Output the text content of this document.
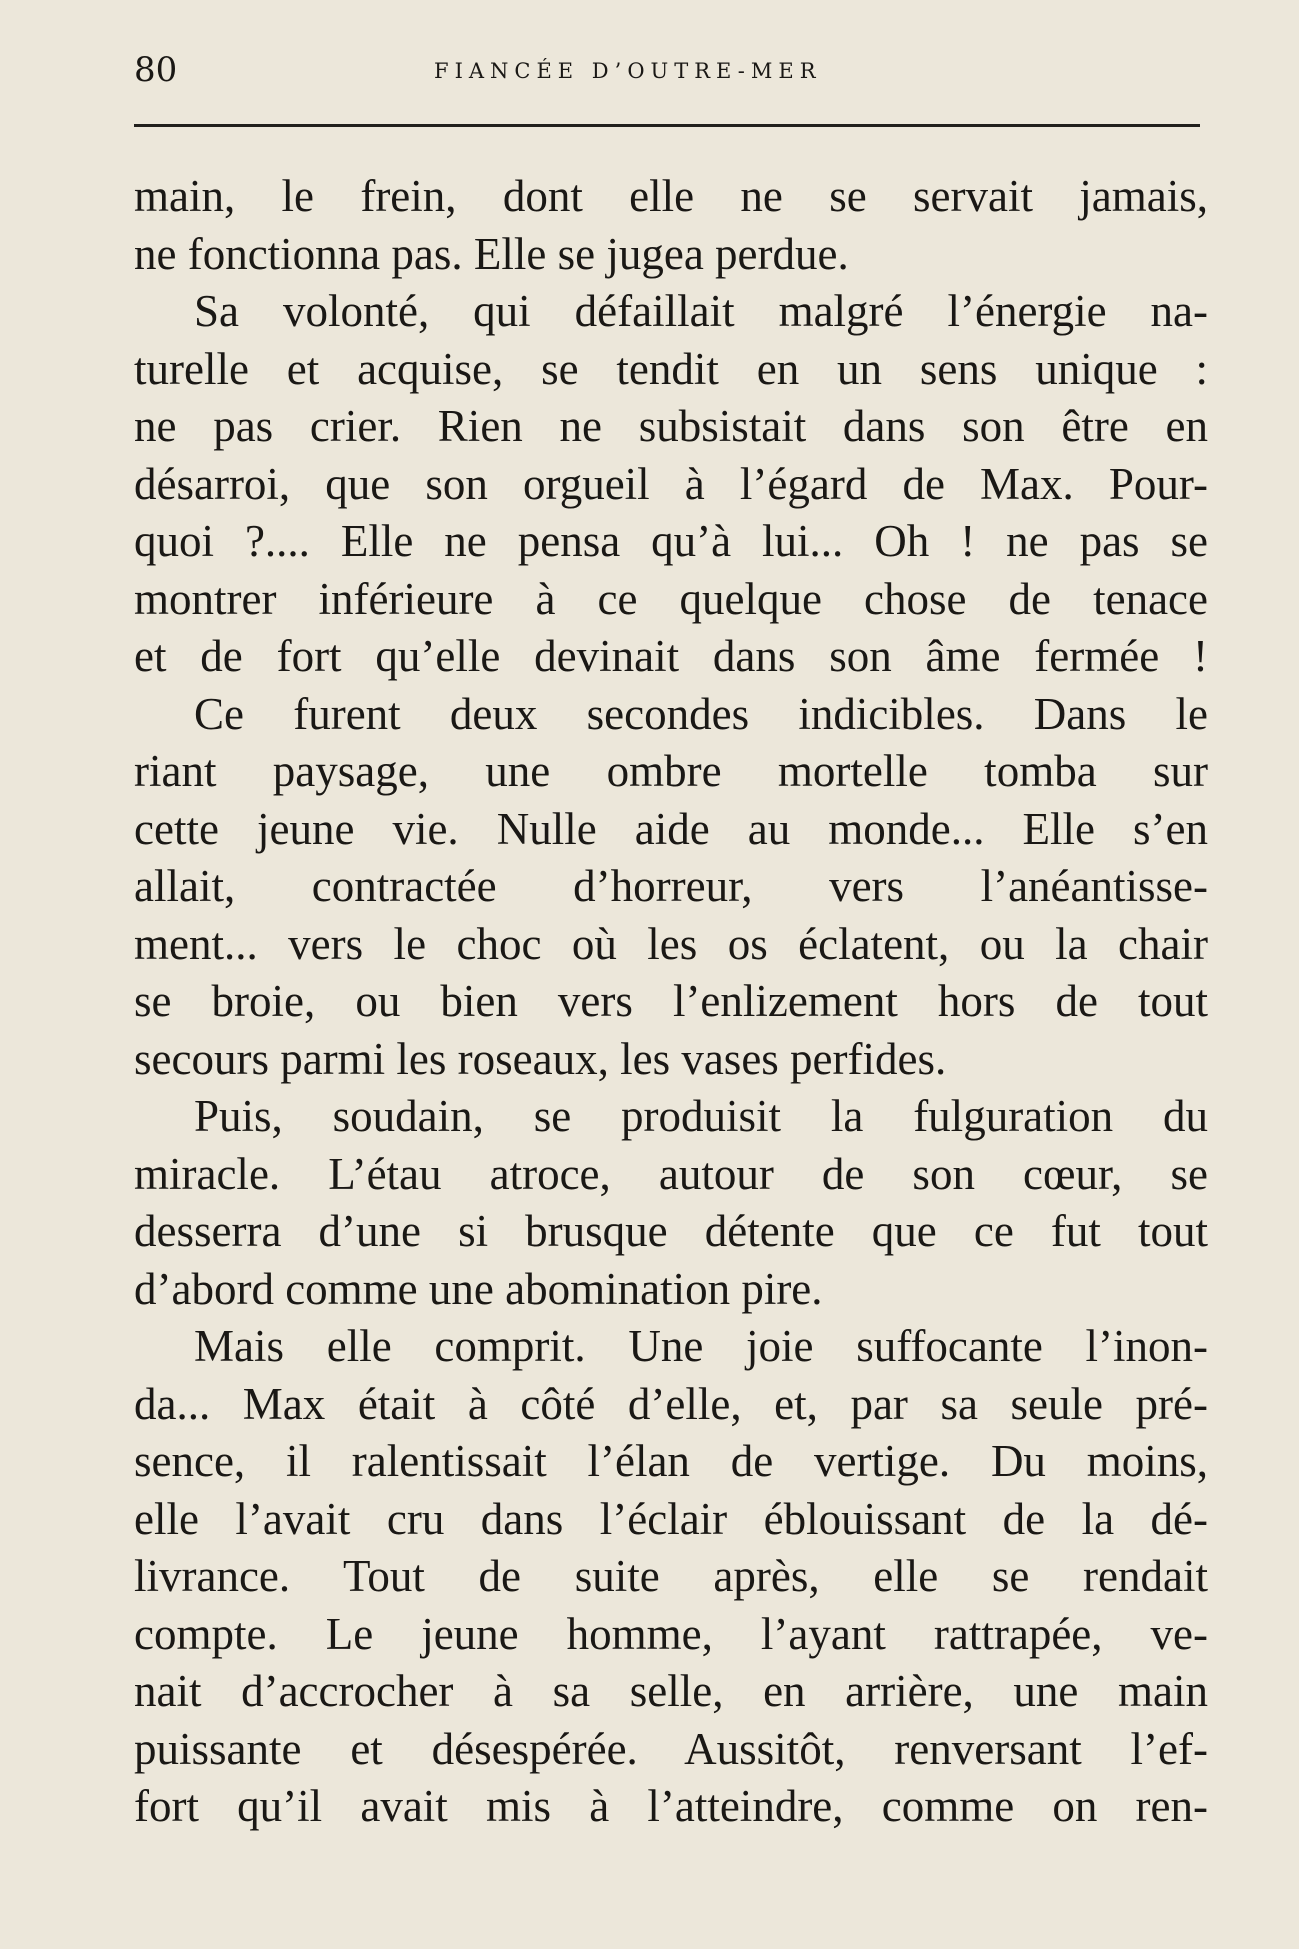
80	FIANCÉE D’OUTRE-MER
main, le frein, dont elle ne se servait jamais,
ne fonctionna pas. Elle se jugea perdue.
Sa volonté, qui défaillait malgré l’énergie na-
turelle et acquise, se tendit en un sens unique :
ne pas crier. Rien ne subsistait dans son être en
désarroi, que son orgueil à l’égard de Max. Pour-
quoi ?.... Elle ne pensa qu’à lui... Oh ! ne pas se
montrer inférieure à ce quelque chose de tenace
et de fort qu’elle devinait dans son âme fermée !
Ce furent deux secondes indicibles. Dans le
riant paysage, une ombre mortelle tomba sur
cette jeune vie. Nulle aide au monde... Elle s’en
allait, contractée d’horreur, vers l’anéantisse-
ment... vers le choc où les os éclatent, ou la chair
se broie, ou bien vers l’enlizement hors de tout
secours parmi les roseaux, les vases perfides.
Puis, soudain, se produisit la fulguration du
miracle. L’étau atroce, autour de son cœur, se
desserra d’une si brusque détente que ce fut tout
d’abord comme une abomination pire.
Mais elle comprit. Une joie suffocante l’inon-
da... Max était à côté d’elle, et, par sa seule pré-
sence, il ralentissait l’élan de vertige. Du moins,
elle l’avait cru dans l’éclair éblouissant de la dé-
livrance. Tout de suite après, elle se rendait
compte. Le jeune homme, l’ayant rattrapée, ve-
nait d’accrocher à sa selle, en arrière, une main
puissante et désespérée. Aussitôt, renversant l’ef-
fort qu’il avait mis à l’atteindre, comme on ren-
